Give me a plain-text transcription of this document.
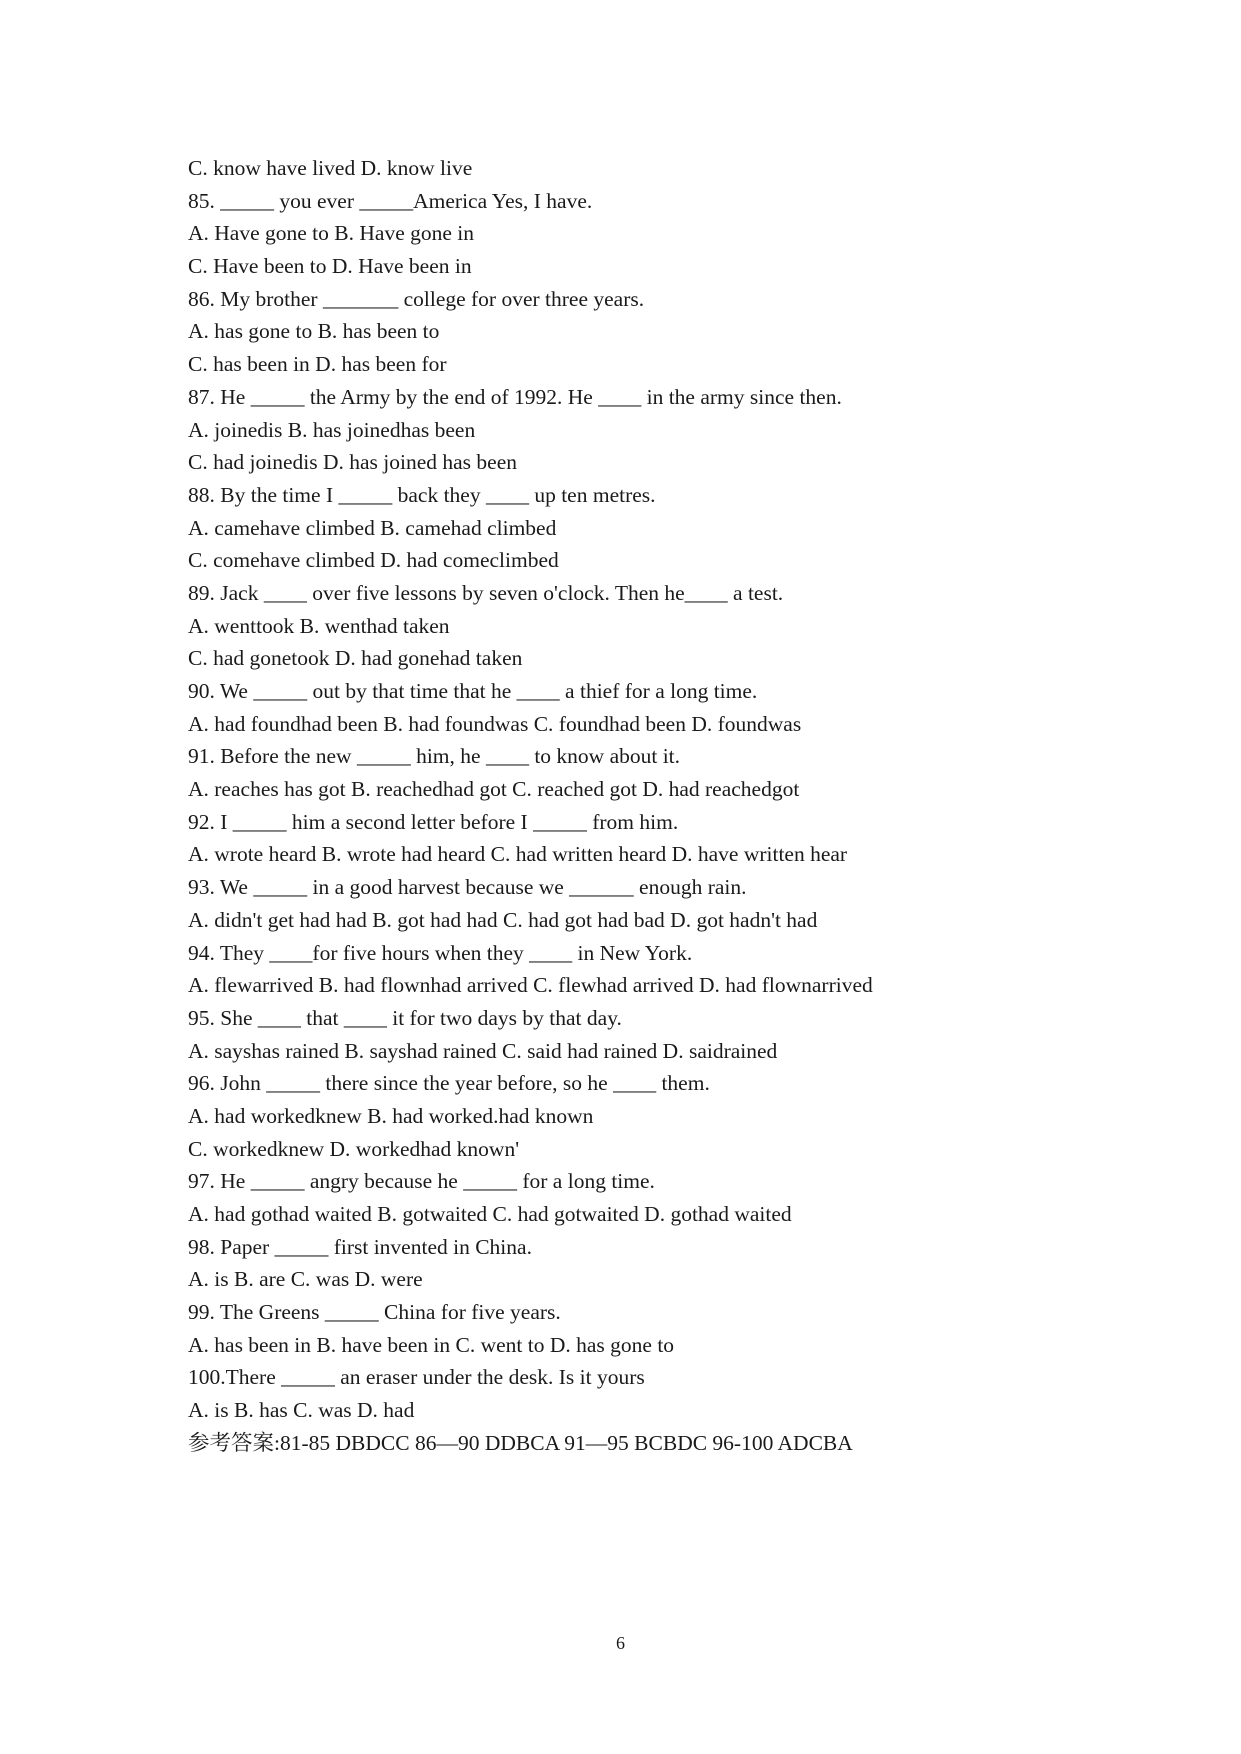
C. know have lived D. know live
85. _____ you ever _____America Yes, I have.
A. Have gone to B. Have gone in
C. Have been to D. Have been in
86. My brother _______ college for over three years.
A. has gone to B. has been to
C. has been in D. has been for
87. He _____ the Army by the end of 1992. He ____ in the army since then.
A. joinedis B. has joinedhas been
C. had joinedis D. has joined has been
88. By the time I _____ back they ____ up ten metres.
A. camehave climbed B. camehad climbed
C. comehave climbed D. had comeclimbed
89. Jack ____ over five lessons by seven o'clock. Then he____ a test.
A. wenttook B. wenthad taken
C. had gonetook D. had gonehad taken
90. We _____ out by that time that he ____ a thief for a long time.
A. had foundhad been B. had foundwas C. foundhad been D. foundwas
91. Before the new _____ him, he ____ to know about it.
A. reaches has got B. reachedhad got C. reached got D. had reachedgot
92. I _____ him a second letter before I _____ from him.
A. wrote heard B. wrote had heard C. had written heard D. have written hear
93. We _____ in a good harvest because we ______ enough rain.
A. didn't get had had B. got had had C. had got had bad D. got hadn't had
94. They ____for five hours when they ____ in New York.
A. flewarrived B. had flownhad arrived C. flewhad arrived D. had flownarrived
95. She ____ that ____ it for two days by that day.
A. sayshas rained B. sayshad rained C. said had rained D. saidrained
96. John _____ there since the year before, so he ____ them.
A. had workedknew B. had worked.had known
C. workedknew D. workedhad known'
97. He _____ angry because he _____ for a long time.
A. had gothad waited B. gotwaited C. had gotwaited D. gothad waited
98. Paper _____ first invented in China.
A. is B. are C. was D. were
99. The Greens _____ China for five years.
A. has been in B. have been in C. went to D. has gone to
100.There _____ an eraser under the desk. Is it yours
A. is B. has C. was D. had
参考答案:81-85 DBDCC 86—90 DDBCA 91—95 BCBDC 96-100 ADCBA
6
